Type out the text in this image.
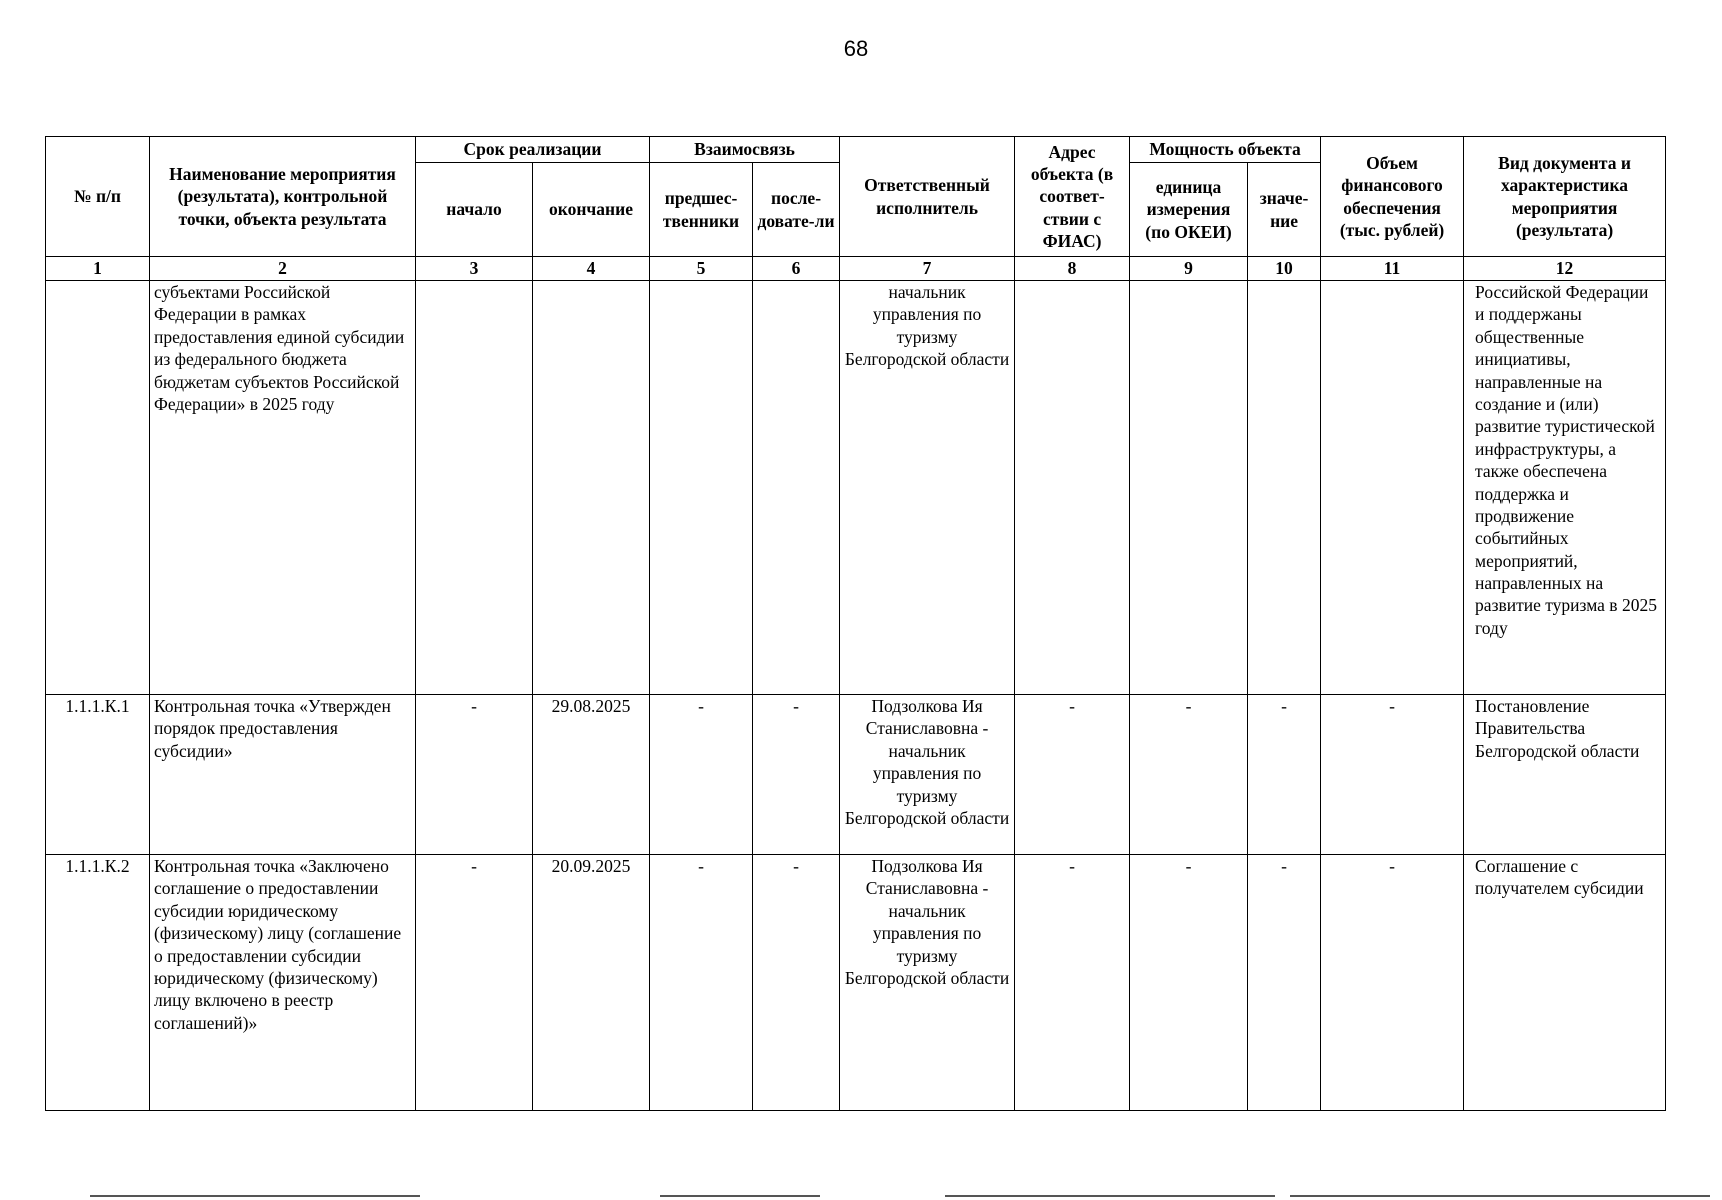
68
№ п/п	Наименование мероприятия (результата), контрольной точки, объекта результата	Срок реализации		Взаимосвязь		Ответственный исполнитель	Адрес объекта (в соответ-ствии с ФИАС)	Мощность объекта		Объем финансового обеспечения (тыс. рублей)	Вид документа и характеристика мероприятия (результата)
		начало	окончание	предшес-твенники	после-довате-ли			единица измерения (по ОКЕИ)	значе-ние		
1	2	3	4	5	6	7	8	9	10	11	12
	субъектами Российской Федерации в рамках предоставления единой субсидии из федерального бюджета бюджетам субъектов Российской Федерации» в 2025 году					начальник управления по туризму Белгородской области					Российской Федерации и поддержаны общественные инициативы, направленные на создание и (или) развитие туристической инфраструктуры, а также обеспечена поддержка и продвижение событийных мероприятий, направленных на развитие туризма в 2025 году
1.1.1.К.1	Контрольная точка «Утвержден порядок предоставления субсидии»	-	29.08.2025	-	-	Подзолкова Ия Станиславовна - начальник управления по туризму Белгородской области	-	-	-	-	Постановление Правительства Белгородской области
1.1.1.К.2	Контрольная точка «Заключено соглашение о предоставлении субсидии юридическому (физическому) лицу (соглашение о предоставлении субсидии юридическому (физическому) лицу включено в реестр соглашений)»	-	20.09.2025	-	-	Подзолкова Ия Станиславовна - начальник управления по туризму Белгородской области	-	-	-	-	Соглашение с получателем субсидии
